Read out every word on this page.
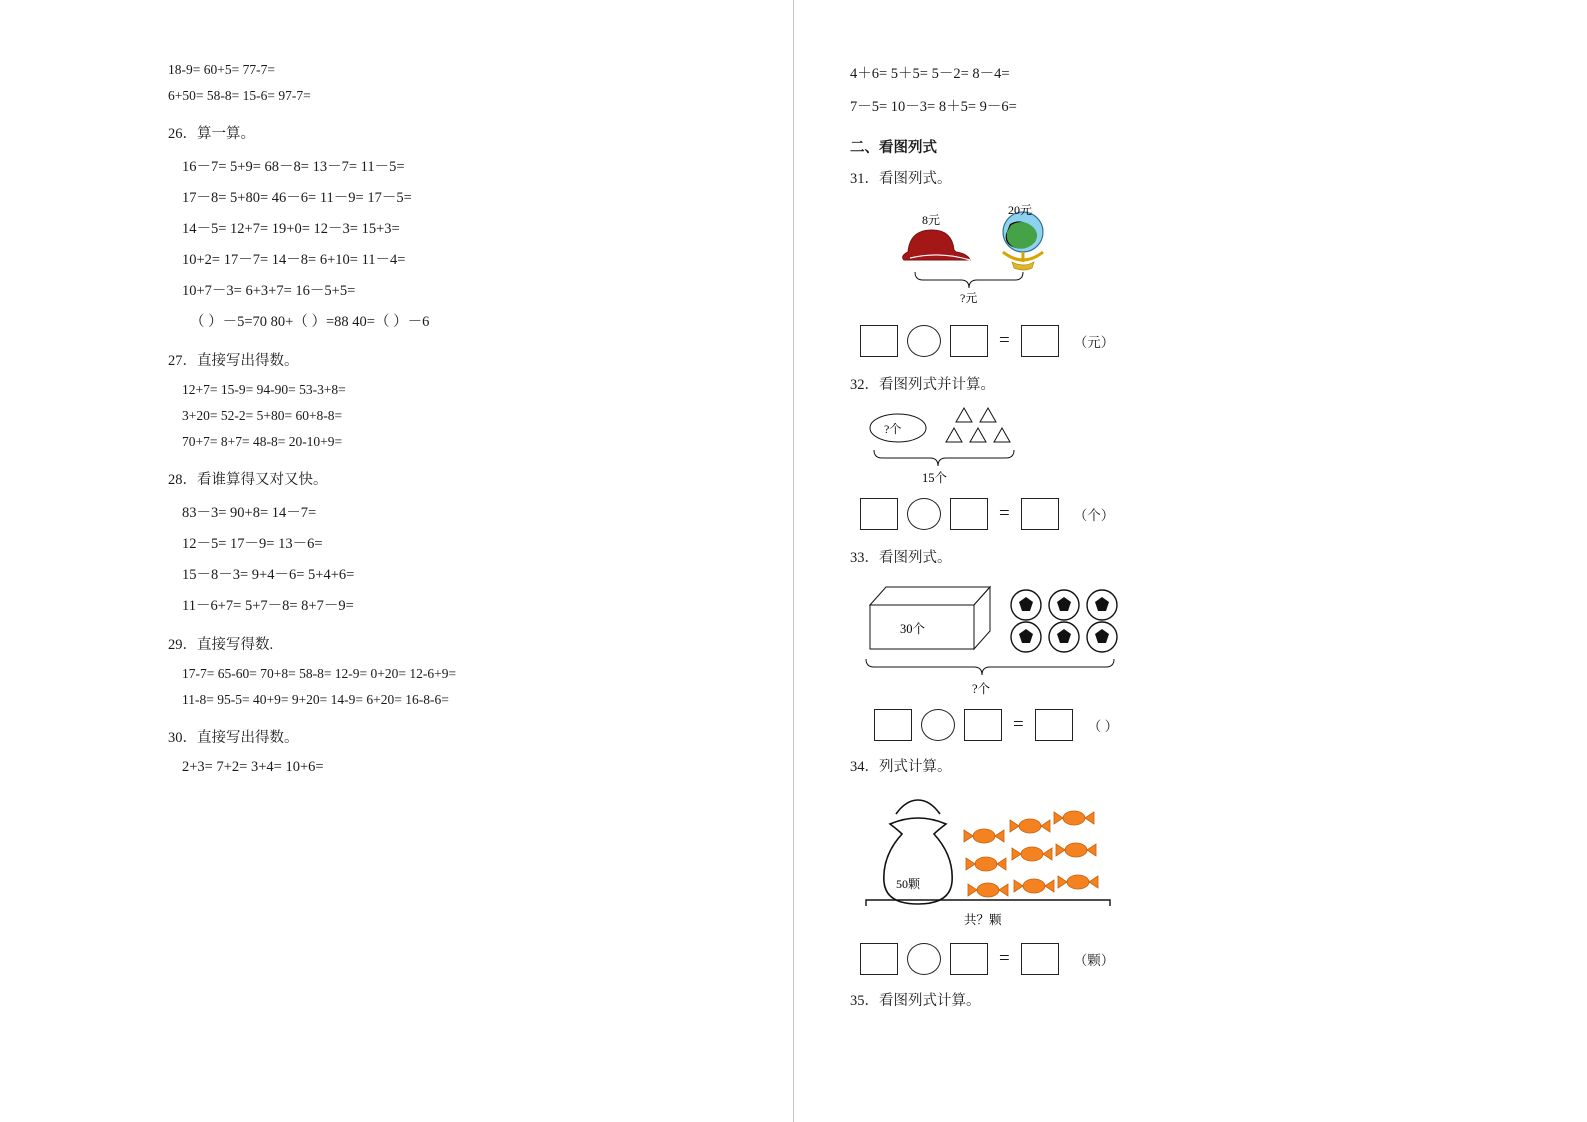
18-9= 60+5= 77-7=
6+50= 58-8= 15-6= 97-7=
26．算一算。
16－7= 5+9= 68－8= 13－7= 11－5=
17－8= 5+80= 46－6= 11－9= 17－5=
14－5= 12+7= 19+0= 12－3= 15+3=
10+2= 17－7= 14－8= 6+10= 11－4=
10+7－3= 6+3+7= 16－5+5=
（ ）－5=70 80+（ ）=88 40=（ ）－6
27．直接写出得数。
12+7= 15-9= 94-90= 53-3+8=
3+20= 52-2= 5+80= 60+8-8=
70+7= 8+7= 48-8= 20-10+9=
28．看谁算得又对又快。
83－3= 90+8= 14－7=
12－5= 17－9= 13－6=
15－8－3= 9+4－6= 5+4+6=
11－6+7= 5+7－8= 8+7－9=
29．直接写得数.
17-7= 65-60= 70+8= 58-8= 12-9= 0+20= 12-6+9=
11-8= 95-5= 40+9= 9+20= 14-9= 6+20= 16-8-6=
30．直接写出得数。
2+3= 7+2= 3+4= 10+6=
4＋6= 5＋5= 5－2= 8－4=
7－5= 10－3= 8＋5= 9－6=
二、看图列式
31．看图列式。
8元
20元
?元
=	（元）
32．看图列式并计算。
?个
15个
=	（个）
33．看图列式。
30个
?个
=	（ ）
34．列式计算。
50颗
共？颗
=	（颗）
35．看图列式计算。
